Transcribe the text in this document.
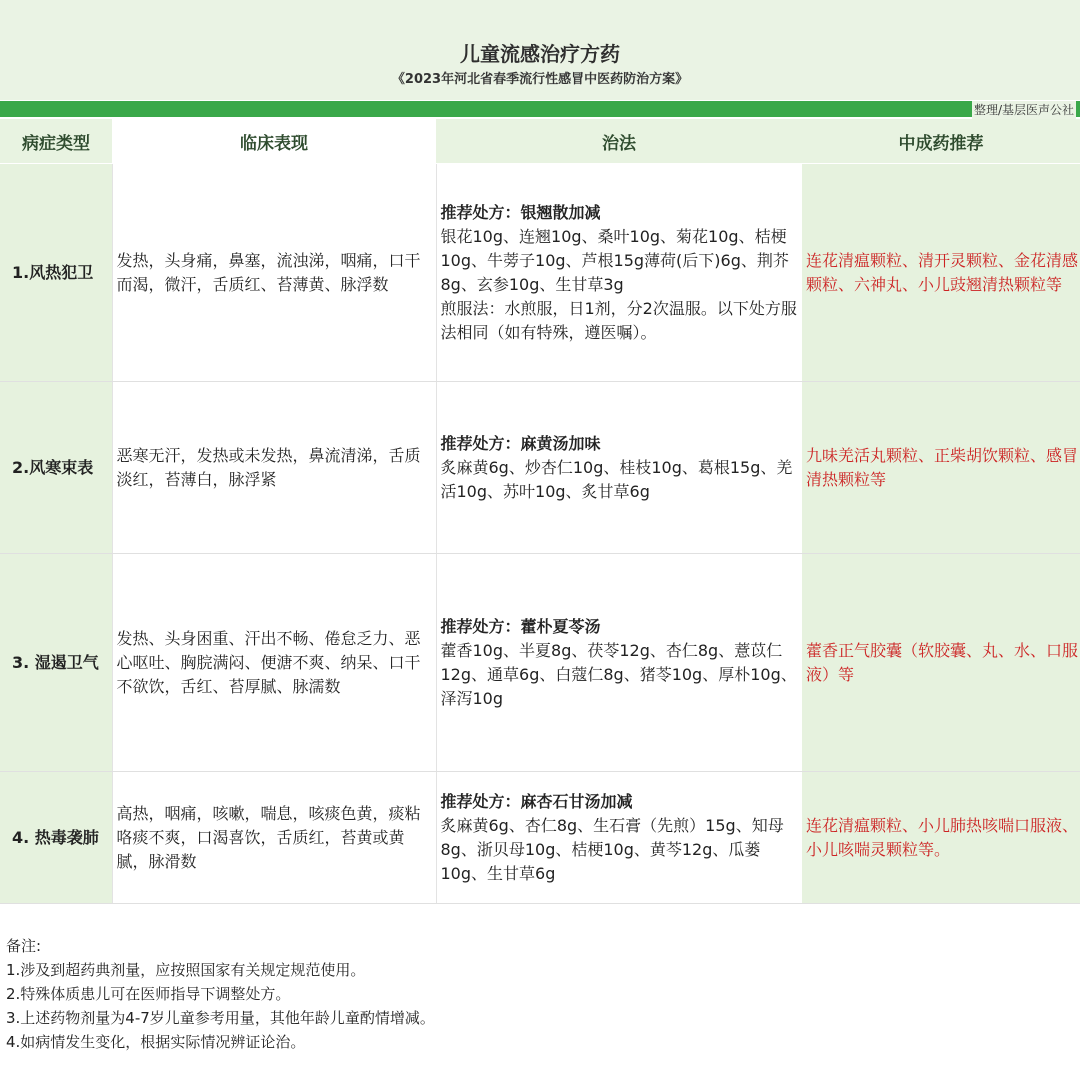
儿童流感治疗方药
《2023年河北省春季流行性感冒中医药防治方案》
整理/基层医声公社
病症类型	临床表现	治法	中成药推荐
1.风热犯卫	发热，头身痛，鼻塞，流浊涕，咽痛，口干而渴，微汗，舌质红、苔薄黄、脉浮数	推荐处方：银翘散加减
银花10g、连翘10g、桑叶10g、菊花10g、桔梗10g、牛蒡子10g、芦根15g薄荷(后下)6g、荆芥8g、玄参10g、生甘草3g
煎服法：水煎服，日1剂，分2次温服。以下处方服法相同（如有特殊，遵医嘱）。	连花清瘟颗粒、清开灵颗粒、金花清感颗粒、六神丸、小儿豉翘清热颗粒等
2.风寒束表	恶寒无汗，发热或未发热，鼻流清涕，舌质淡红，苔薄白，脉浮紧	推荐处方：麻黄汤加味
炙麻黄6g、炒杏仁10g、桂枝10g、葛根15g、羌活10g、苏叶10g、炙甘草6g	九味羌活丸颗粒、正柴胡饮颗粒、感冒清热颗粒等
3. 湿遏卫气	发热、头身困重、汗出不畅、倦怠乏力、恶心呕吐、胸脘满闷、便溏不爽、纳呆、口干不欲饮，舌红、苔厚腻、脉濡数	推荐处方：藿朴夏苓汤
藿香10g、半夏8g、茯苓12g、杏仁8g、薏苡仁12g、通草6g、白蔻仁8g、猪苓10g、厚朴10g、泽泻10g	藿香正气胶囊（软胶囊、丸、水、口服液）等
4. 热毒袭肺	高热，咽痛，咳嗽，喘息，咳痰色黄，痰粘咯痰不爽，口渴喜饮，舌质红，苔黄或黄腻，脉滑数	推荐处方：麻杏石甘汤加减
炙麻黄6g、杏仁8g、生石膏（先煎）15g、知母8g、浙贝母10g、桔梗10g、黄芩12g、瓜蒌10g、生甘草6g	连花清瘟颗粒、小儿肺热咳喘口服液、小儿咳喘灵颗粒等。
备注:
1.涉及到超药典剂量，应按照国家有关规定规范使用。
2.特殊体质患儿可在医师指导下调整处方。
3.上述药物剂量为4-7岁儿童参考用量，其他年龄儿童酌情增减。
4.如病情发生变化，根据实际情况辨证论治。
